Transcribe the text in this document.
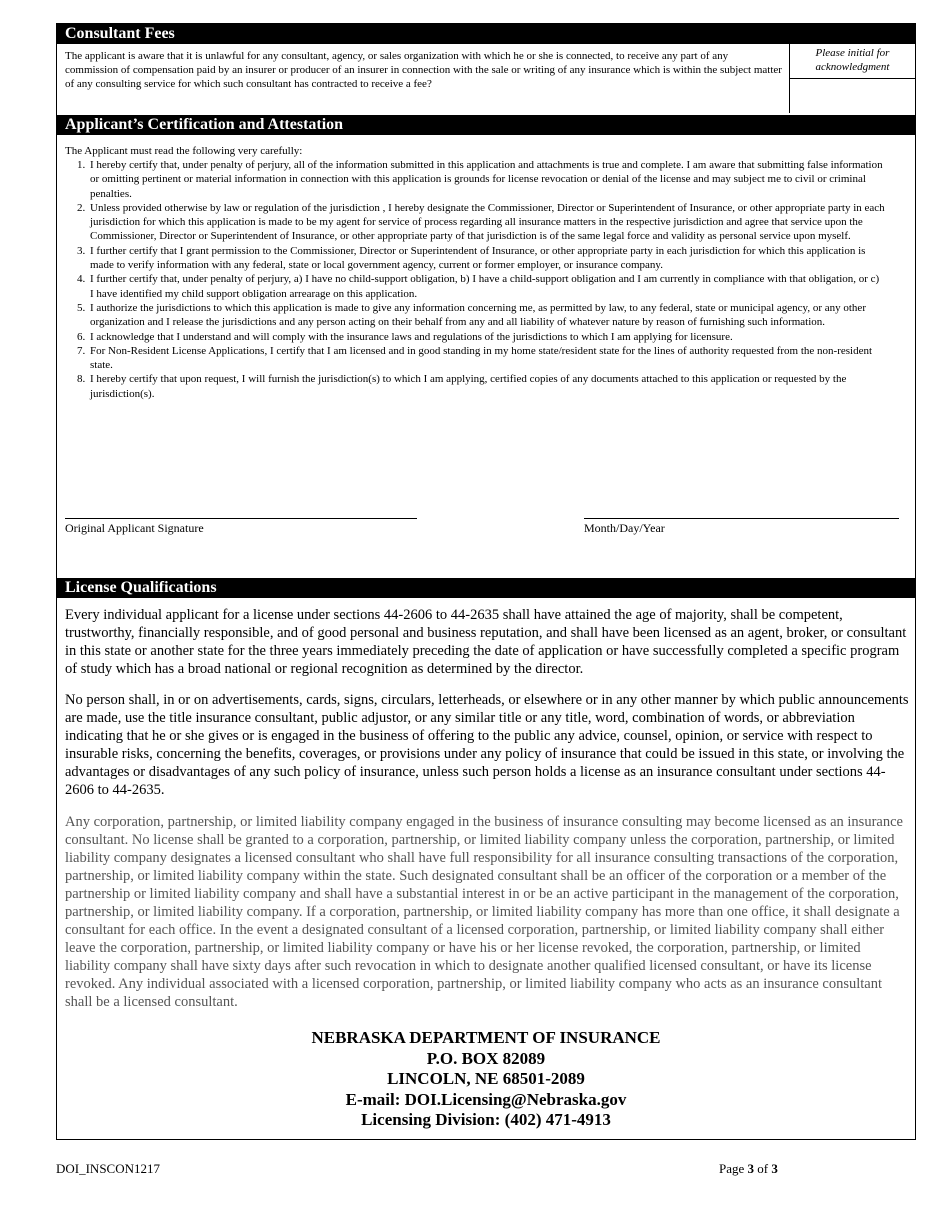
Consultant Fees
The applicant is aware that it is unlawful for any consultant, agency, or sales organization with which he or she is connected, to receive any part of any commission of compensation paid by an insurer or producer of an insurer in connection with the sale or writing of any insurance which is within the subject matter of any consulting service for which such consultant has contracted to receive a fee?
Please initial for acknowledgment
Applicant’s Certification and Attestation
The Applicant must read the following very carefully:
1. I hereby certify that, under penalty of perjury, all of the information submitted in this application and attachments is true and complete. I am aware that submitting false information or omitting pertinent or material information in connection with this application is grounds for license revocation or denial of the license and may subject me to civil or criminal penalties.
2. Unless provided otherwise by law or regulation of the jurisdiction , I hereby designate the Commissioner, Director or Superintendent of Insurance, or other appropriate party in each jurisdiction for which this application is made to be my agent for service of process regarding all insurance matters in the respective jurisdiction and agree that service upon the Commissioner, Director or Superintendent of Insurance, or other appropriate party of that jurisdiction is of the same legal force and validity as personal service upon myself.
3. I further certify that I grant permission to the Commissioner, Director or Superintendent of Insurance, or other appropriate party in each jurisdiction for which this application is made to verify information with any federal, state or local government agency, current or former employer, or insurance company.
4. I further certify that, under penalty of perjury, a) I have no child-support obligation, b) I have a child-support obligation and I am currently in compliance with that obligation, or c) I have identified my child support obligation arrearage on this application.
5. I authorize the jurisdictions to which this application is made to give any information concerning me, as permitted by law, to any federal, state or municipal agency, or any other organization and I release the jurisdictions and any person acting on their behalf from any and all liability of whatever nature by reason of furnishing such information.
6. I acknowledge that I understand and will comply with the insurance laws and regulations of the jurisdictions to which I am applying for licensure.
7. For Non-Resident License Applications, I certify that I am licensed and in good standing in my home state/resident state for the lines of authority requested from the non-resident state.
8. I hereby certify that upon request, I will furnish the jurisdiction(s) to which I am applying, certified copies of any documents attached to this application or requested by the jurisdiction(s).
Original Applicant Signature	Month/Day/Year
License Qualifications

Every individual applicant for a license under sections 44-2606 to 44-2635 shall have attained the age of majority, shall be competent, trustworthy, financially responsible, and of good personal and business reputation, and shall have been licensed as an agent, broker, or consultant in this state or another state for the three years immediately preceding the date of application or have successfully completed a specific program of study which has a broad national or regional recognition as determined by the director.

No person shall, in or on advertisements, cards, signs, circulars, letterheads, or elsewhere or in any other manner by which public announcements are made, use the title insurance consultant, public adjustor, or any similar title or any title, word, combination of words, or abbreviation indicating that he or she gives or is engaged in the business of offering to the public any advice, counsel, opinion, or service with respect to insurable risks, concerning the benefits, coverages, or provisions under any policy of insurance that could be issued in this state, or involving the advantages or disadvantages of any such policy of insurance, unless such person holds a license as an insurance consultant under sections 44-2606 to 44-2635.

Any corporation, partnership, or limited liability company engaged in the business of insurance consulting may become licensed as an insurance consultant. No license shall be granted to a corporation, partnership, or limited liability company unless the corporation, partnership, or limited liability company designates a licensed consultant who shall have full responsibility for all insurance consulting transactions of the corporation, partnership, or limited liability company within the state. Such designated consultant shall be an officer of the corporation or a member of the partnership or limited liability company and shall have a substantial interest in or be an active participant in the management of the corporation, partnership, or limited liability company. If a corporation, partnership, or limited liability company has more than one office, it shall designate a consultant for each office. In the event a designated consultant of a licensed corporation, partnership, or limited liability company shall either leave the corporation, partnership, or limited liability company or have his or her license revoked, the corporation, partnership, or limited liability company shall have sixty days after such revocation in which to designate another qualified licensed consultant, or have its license revoked. Any individual associated with a licensed corporation, partnership, or limited liability company who acts as an insurance consultant shall be a licensed consultant.

NEBRASKA DEPARTMENT OF INSURANCE
P.O. BOX 82089
LINCOLN, NE 68501-2089
E-mail: DOI.Licensing@Nebraska.gov
Licensing Division: (402) 471-4913
DOI_INSCON1217	Page 3 of 3
